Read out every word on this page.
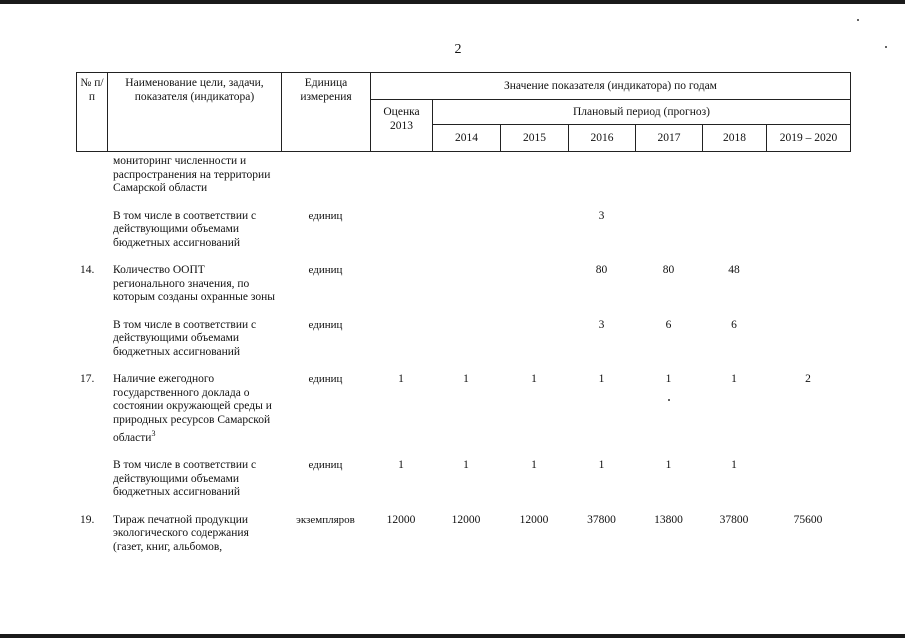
2
№ п/п	Наименование цели, задачи, показателя (индикатора)	Единица измерения	Значение показателя (индикатора) по годам						
			Оценка 2013	Плановый период (прогноз)					
				2014	2015	2016	2017	2018	2019 – 2020
	мониторинг численности и распространения на территории Самарской области								

	В том числе в соответствии с действующими объемами бюджетных ассигнований	единиц				3			

14.	Количество ООПТ регионального значения, по которым созданы охранные зоны	единиц				80	80	48	

	В том числе в соответствии с действующими объемами бюджетных ассигнований	единиц				3	6	6	

17.	Наличие ежегодного государственного доклада о состоянии окружающей среды и природных ресурсов Самарской области$^3$	единиц	1	1	1	1	1	1	2

	В том числе в соответствии с действующими объемами бюджетных ассигнований	единиц	1	1	1	1	1	1	

19.	Тираж печатной продукции экологического содержания (газет, книг, альбомов,	экземпляров	12000	12000	12000	37800	13800	37800	75600
